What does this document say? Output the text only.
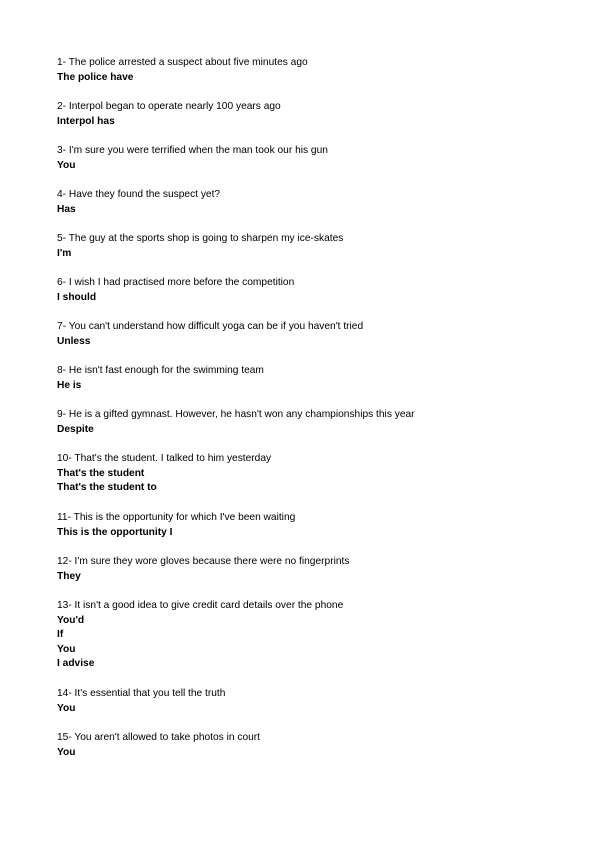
1- The police arrested a suspect about five minutes ago
The police have
2- Interpol began to operate nearly 100 years ago
Interpol has
3- I'm sure you were terrified when the man took our his gun
You
4- Have they found the suspect yet?
Has
5- The guy at the sports shop is going to sharpen my ice-skates
I'm
6- I wish I had practised more before the competition
I should
7- You can't understand how difficult yoga can be if you haven't tried
Unless
8- He isn't fast enough for the swimming team
He is
9- He is a gifted gymnast. However, he hasn't won any championships this year
Despite
10- That's the student. I talked to him yesterday
That's the student
That's the student to
11- This is the opportunity for which I've been waiting
This is the opportunity I
12- I'm sure they wore gloves because there were no fingerprints
They
13- It isn't a good idea to give credit card details over the phone
You'd
If
You
I advise
14- It's essential that you tell the truth
You
15- You aren't allowed to take photos in court
You
